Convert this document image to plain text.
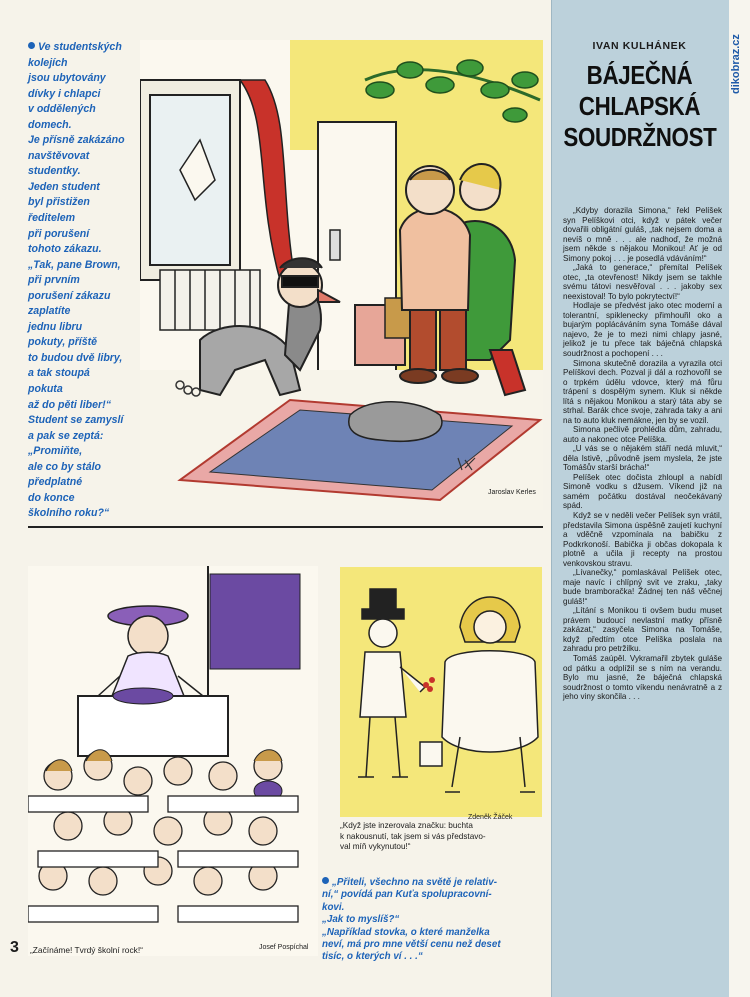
dikobraz.cz
Ve studentských
kolejích
jsou ubytovány
dívky i chlapci
v oddělených
domech.
Je přísně zakázáno
navštěvovat
studentky.
Jeden student
byl přistižen
ředitelem
při porušení
tohoto zákazu.
„Tak, pane Brown,
při prvním
porušení zákazu
zaplatíte
jednu libru
pokuty, příště
to budou dvě libry,
a tak stoupá
pokuta
až do pěti liber!“
Student se zamyslí
a pak se zeptá:
„Promiňte,
ale co by stálo
předplatné
do konce
školního roku?“
Jaroslav Kerles
Josef Pospíchal
Zdeněk Žáček
„Když jste inzerovala značku: buchta
k nakousnutí, tak jsem si vás představo-
val míň vykynutou!“
„Přiteli, všechno na světě je relativ-
ní,“ povídá pan Kuťa spolupracovní-
kovi.
„Jak to myslíš?“
„Například stovka, o které manželka
neví, má pro mne větší cenu než deset
tisíc, o kterých ví . . .“
3 „Začínáme! Tvrdý školní rock!“
IVAN KULHÁNEK
BÁJEČNÁ
CHLAPSKÁ
SOUDRŽNOST

„Kdyby dorazila Simona,“ řekl Pelíšek syn Pelíškovi otci, když v pátek večer dovařili obligátní guláš, „tak nejsem doma a nevíš o mně . . . ale nadhoď, že možná jsem někde s nějakou Monikou! Ať je od Simony pokoj . . . je posedlá vdáváním!“

„Jaká to generace,“ přemítal Pelíšek otec, „ta otevřenost! Nikdy jsem se takhle svému tátovi nesvěřoval . . . jakoby sex neexistoval! To bylo pokrytectví!“

Hodlaje se předvést jako otec moderní a tolerantní, spiklenecky přimhouřil oko a bujarým poplácáváním syna Tomáše dával najevo, že je to mezi nimi chlapy jasné, jelikož je tu přece tak báječná chlapská soudržnost a pochopení . . .

Simona skutečně dorazila a vyrazila otci Pelíškovi dech. Pozval ji dál a rozhovořil se o trpkém údělu vdovce, který má fůru trápení s dospělým synem. Kluk si někde lítá s nějakou Monikou a starý táta aby se strhal. Barák chce svoje, zahrada taky a ani na to auto kluk nemákne, jen by se vozil.

Simona pečlivě prohlédla dům, zahradu, auto a nakonec otce Pelíška.

„U vás se o nějakém stáří nedá mluvit,“ děla lstivě, „původně jsem myslela, že jste Tomášův starší brácha!“

Pelíšek otec dočista zhloupl a nabídl Simoně vodku s džusem. Víkend již na samém počátku dostával neočekávaný spád.

Když se v neděli večer Pelíšek syn vrátil, představila Simona úspěšně zaujetí kuchyní a vděčně vzpomínala na babičku z Podkrkonoší. Babička ji občas dokopala k plotně a učila ji recepty na prostou venkovskou stravu.

„Lívanečky,“ pomlaskával Pelíšek otec, maje navíc i chlípný svit ve zraku, „taky bude bramboračka! Žádnej ten náš věčnej guláš!“

„Lítání s Monikou ti ovšem budu muset právem budoucí nevlastní matky přísně zakázat,“ zasyčela Simona na Tomáše, když předtím otce Pelíška poslala na zahradu pro petržilku.

Tomáš zaúpěl. Vykramařil zbytek guláše od pátku a odplížil se s ním na verandu. Bylo mu jasné, že báječná chlapská soudržnost o tomto víkendu nenávratně a z jeho viny skončila . . .
